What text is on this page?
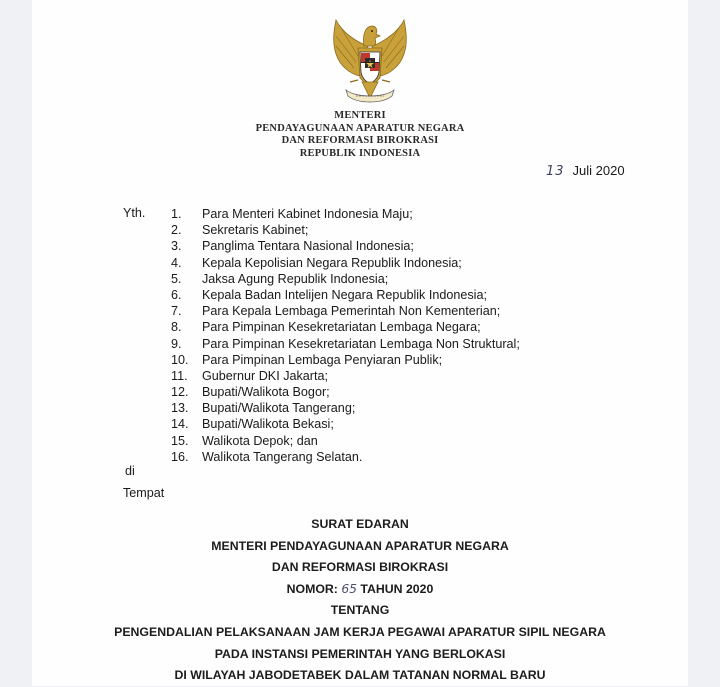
MENTERI
PENDAYAGUNAAN APARATUR NEGARA
DAN REFORMASI BIROKRASI
REPUBLIK INDONESIA
13 Juli 2020
Yth. 1. Para Menteri Kabinet Indonesia Maju;
2. Sekretaris Kabinet;
3. Panglima Tentara Nasional Indonesia;
4. Kepala Kepolisian Negara Republik Indonesia;
5. Jaksa Agung Republik Indonesia;
6. Kepala Badan Intelijen Negara Republik Indonesia;
7. Para Kepala Lembaga Pemerintah Non Kementerian;
8. Para Pimpinan Kesekretariatan Lembaga Negara;
9. Para Pimpinan Kesekretariatan Lembaga Non Struktural;
10. Para Pimpinan Lembaga Penyiaran Publik;
11. Gubernur DKI Jakarta;
12. Bupati/Walikota Bogor;
13. Bupati/Walikota Tangerang;
14. Bupati/Walikota Bekasi;
15. Walikota Depok; dan
16. Walikota Tangerang Selatan.
di
Tempat
SURAT EDARAN
MENTERI PENDAYAGUNAAN APARATUR NEGARA
DAN REFORMASI BIROKRASI
NOMOR: 65 TAHUN 2020
TENTANG
PENGENDALIAN PELAKSANAAN JAM KERJA PEGAWAI APARATUR SIPIL NEGARA
PADA INSTANSI PEMERINTAH YANG BERLOKASI
DI WILAYAH JABODETABEK DALAM TATANAN NORMAL BARU
